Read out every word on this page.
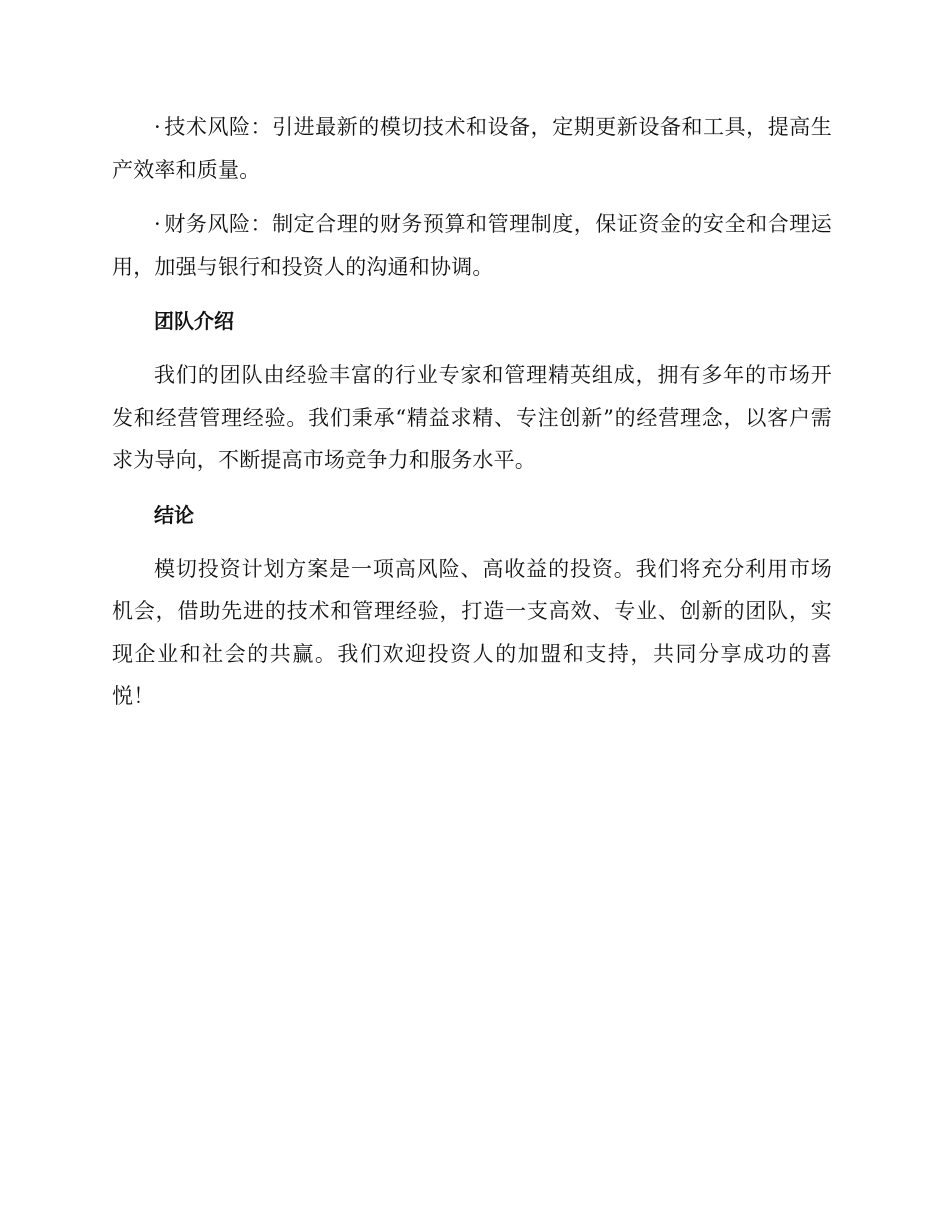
· 技术风险：引进最新的模切技术和设备，定期更新设备和工具，提高生产效率和质量。

· 财务风险：制定合理的财务预算和管理制度，保证资金的安全和合理运用，加强与银行和投资人的沟通和协调。

团队介绍

我们的团队由经验丰富的行业专家和管理精英组成，拥有多年的市场开发和经营管理经验。我们秉承“精益求精、专注创新”的经营理念，以客户需求为导向，不断提高市场竞争力和服务水平。

结论

模切投资计划方案是一项高风险、高收益的投资。我们将充分利用市场机会，借助先进的技术和管理经验，打造一支高效、专业、创新的团队，实现企业和社会的共赢。我们欢迎投资人的加盟和支持，共同分享成功的喜悦！
